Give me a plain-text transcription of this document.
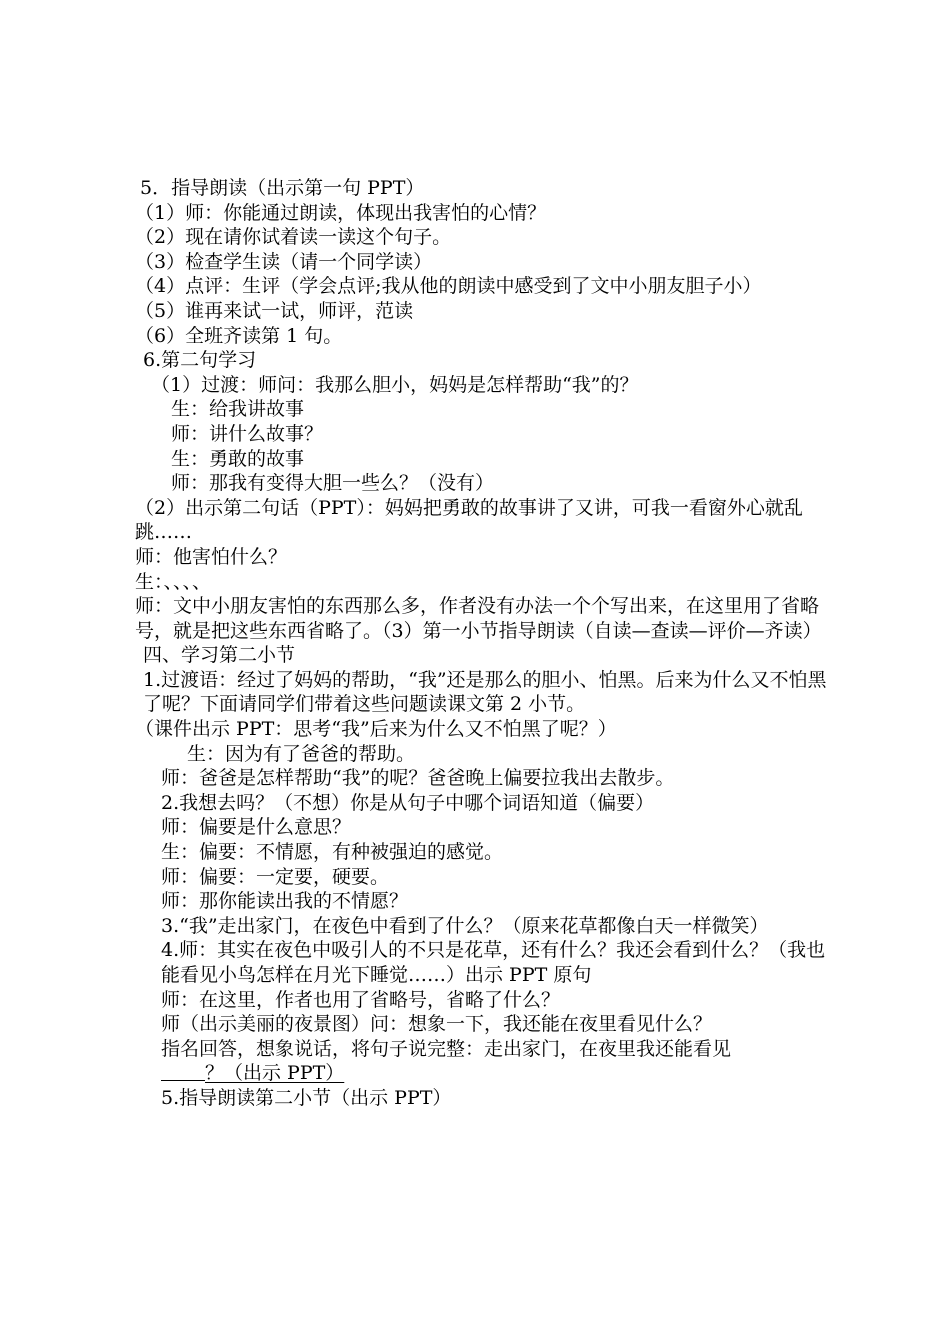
5．指导朗读（出示第一句 PPT）

（1）师：你能通过朗读，体现出我害怕的心情？

（2）现在请你试着读一读这个句子。

（3）检查学生读（请一个同学读）

（4）点评：生评（学会点评;我从他的朗读中感受到了文中小朋友胆子小）

（5）谁再来试一试，师评，范读

（6）全班齐读第 1 句。

6.第二句学习

（1）过渡：师问：我那么胆小，妈妈是怎样帮助“我”的？

生：给我讲故事

师：讲什么故事？

生：勇敢的故事

师：那我有变得大胆一些么？（没有）

（2）出示第二句话（PPT）：妈妈把勇敢的故事讲了又讲，可我一看窗外心就乱跳……

师：他害怕什么？

生：、、、、

师：文中小朋友害怕的东西那么多，作者没有办法一个个写出来，在这里用了省略号，就是把这些东西省略了。（3）第一小节指导朗读（自读—查读—评价—齐读）

四、学习第二小节

1.过渡语：经过了妈妈的帮助，“我”还是那么的胆小、怕黑。后来为什么又不怕黑了呢？下面请同学们带着这些问题读课文第 2 小节。

（课件出示 PPT：思考“我”后来为什么又不怕黑了呢？）

生：因为有了爸爸的帮助。

师：爸爸是怎样帮助“我”的呢？爸爸晚上偏要拉我出去散步。

2.我想去吗？（不想）你是从句子中哪个词语知道（偏要）

师：偏要是什么意思？

生：偏要：不情愿，有种被强迫的感觉。

师：偏要：一定要，硬要。

师：那你能读出我的不情愿？

3.“我”走出家门，在夜色中看到了什么？（原来花草都像白天一样微笑）

4.师：其实在夜色中吸引人的不只是花草，还有什么？我还会看到什么？（我也能看见小鸟怎样在月光下睡觉……）出示 PPT 原句

师：在这里，作者也用了省略号，省略了什么？

师（出示美丽的夜景图）问：想象一下，我还能在夜里看见什么？

指名回答，想象说话，将句子说完整：走出家门，在夜里我还能看见

？（出示 PPT）

5.指导朗读第二小节（出示 PPT）
